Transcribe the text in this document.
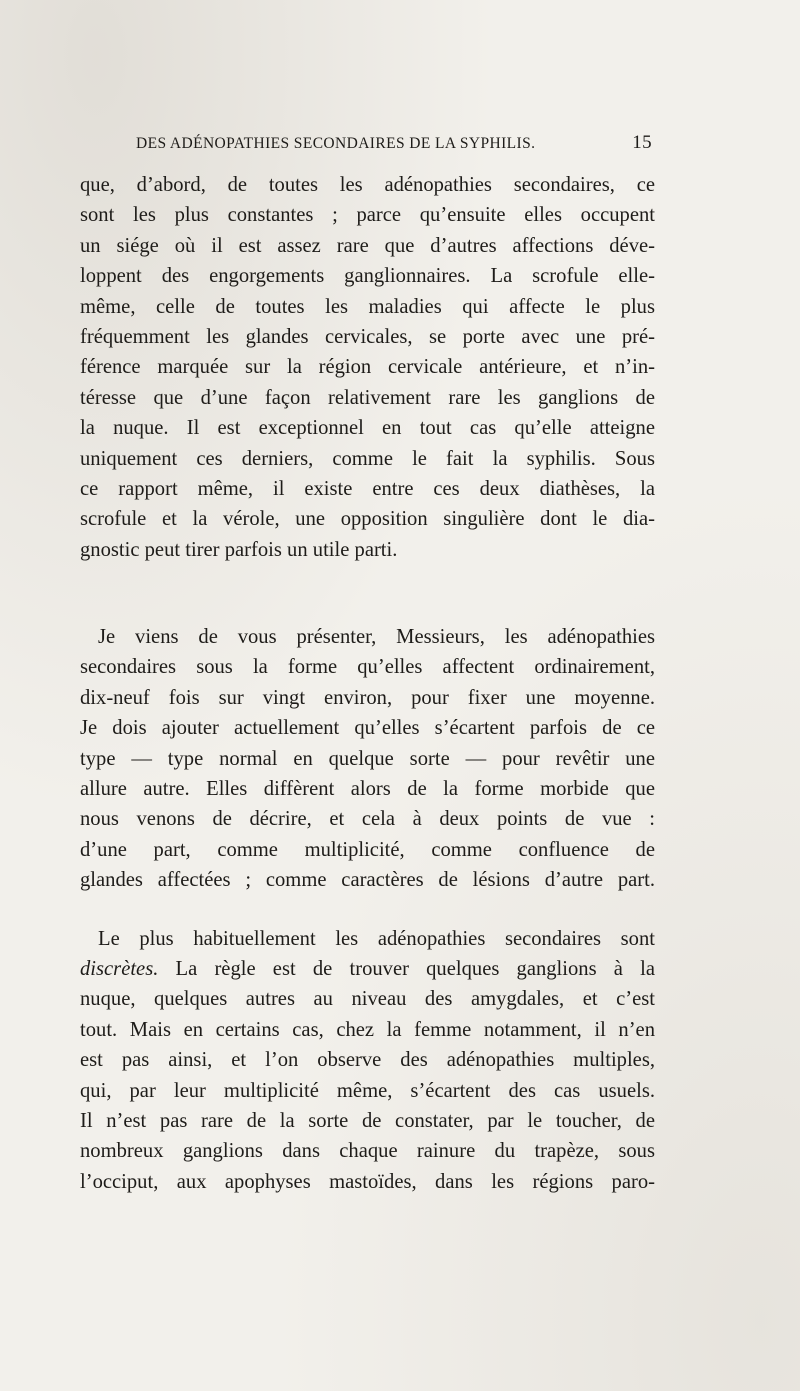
DES ADÉNOPATHIES SECONDAIRES DE LA SYPHILIS.	15
que, d’abord, de toutes les adénopathies secondaires, ce
sont les plus constantes ; parce qu’ensuite elles occupent
un siége où il est assez rare que d’autres affections déve-
loppent des engorgements ganglionnaires. La scrofule elle-
même, celle de toutes les maladies qui affecte le plus
fréquemment les glandes cervicales, se porte avec une pré-
férence marquée sur la région cervicale antérieure, et n’in-
téresse que d’une façon relativement rare les ganglions de
la nuque. Il est exceptionnel en tout cas qu’elle atteigne
uniquement ces derniers, comme le fait la syphilis. Sous
ce rapport même, il existe entre ces deux diathèses, la
scrofule et la vérole, une opposition singulière dont le dia-
gnostic peut tirer parfois un utile parti.
Je viens de vous présenter, Messieurs, les adénopathies
secondaires sous la forme qu’elles affectent ordinairement,
dix-neuf fois sur vingt environ, pour fixer une moyenne.
Je dois ajouter actuellement qu’elles s’écartent parfois de ce
type — type normal en quelque sorte — pour revêtir une
allure autre. Elles diffèrent alors de la forme morbide que
nous venons de décrire, et cela à deux points de vue :
d’une part, comme multiplicité, comme confluence de
glandes affectées ; comme caractères de lésions d’autre part.
Le plus habituellement les adénopathies secondaires sont
discrètes. La règle est de trouver quelques ganglions à la
nuque, quelques autres au niveau des amygdales, et c’est
tout. Mais en certains cas, chez la femme notamment, il n’en
est pas ainsi, et l’on observe des adénopathies multiples,
qui, par leur multiplicité même, s’écartent des cas usuels.
Il n’est pas rare de la sorte de constater, par le toucher, de
nombreux ganglions dans chaque rainure du trapèze, sous
l’occiput, aux apophyses mastoïdes, dans les régions paro-
